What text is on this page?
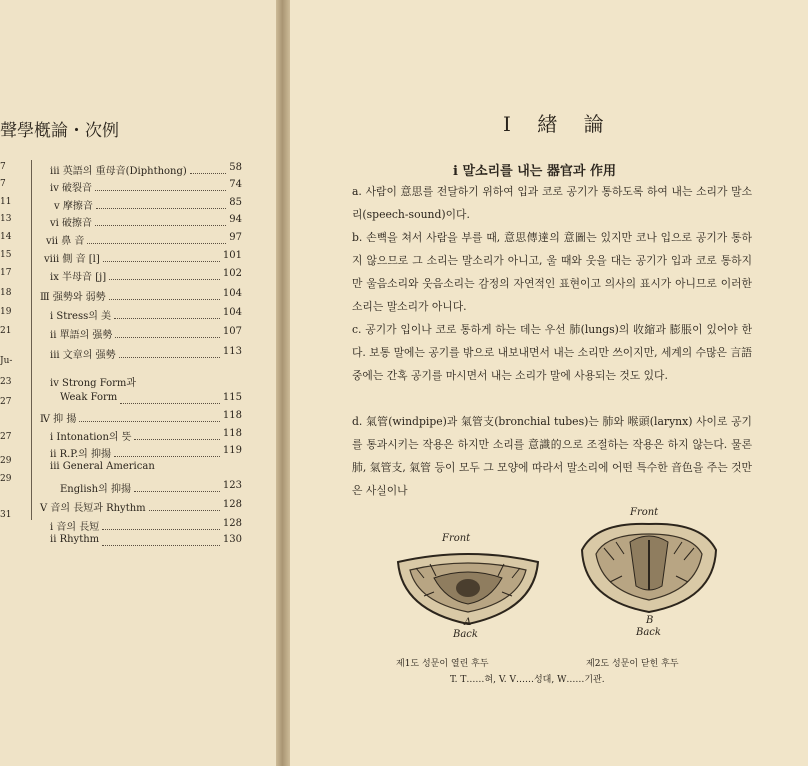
聲學槪論・次例
7
7
11
13
14
15
17
18
19
21
Ju-
23
27
27
29
29
31
iii 英語의 重母音(Diphthong)	58
iv 破裂音	74
v 摩擦音	85
vi 破擦音	94
vii 鼻 音	97
viii 側 音 [l]	101
ix 半母音 [j]	102
Ⅲ 强勢와 弱勢	104
i Stress의 美	104
ii 單語의 强勢	107
iii 文章의 强勢	113
iv Strong Form과
Weak Form	115
Ⅳ 抑 揚	118
i Intonation의 뜻	118
ii R.P.의 抑揚	119
iii General American
English의 抑揚	123
Ⅴ 音의 長短과 Rhythm	128
i 音의 長短	128
ii Rhythm	130
Ⅰ 緖 論
i 말소리를 내는 器官과 作用
a. 사람이 意思를 전달하기 위하여 입과 코로 공기가 통하도록 하여 내는 소리가 말소리(speech-sound)이다.
b. 손뼉을 쳐서 사람을 부를 때, 意思傳達의 意圖는 있지만 코나 입으로 공기가 통하지 않으므로 그 소리는 말소리가 아니고, 울 때와 웃을 대는 공기가 입과 코로 통하지만 울음소리와 웃음소리는 감정의 자연적인 표현이고 의사의 표시가 아니므로 이러한 소리는 말소리가 아니다.
c. 공기가 입이나 코로 통하게 하는 데는 우선 肺(lungs)의 收縮과 膨脹이 있어야 한다. 보통 말에는 공기를 밖으로 내보내면서 내는 소리만 쓰이지만, 세계의 수많은 言語 중에는 간혹 공기를 마시면서 내는 소리가 말에 사용되는 것도 있다.
d. 氣管(windpipe)과 氣管支(bronchial tubes)는 肺와 喉頭(larynx) 사이로 공기를 통과시키는 작용은 하지만 소리를 意識的으로 조절하는 작용은 하지 않는다. 물론 肺, 氣管支, 氣管 등이 모두 그 모양에 따라서 말소리에 어떤 특수한 音色을 주는 것만은 사실이나
Front
A
Back
제1도 성문이 열린 후두
Front
B
Back
제2도 성문이 닫힌 후두
T. T……혀, V. V……성대, W……기관.
